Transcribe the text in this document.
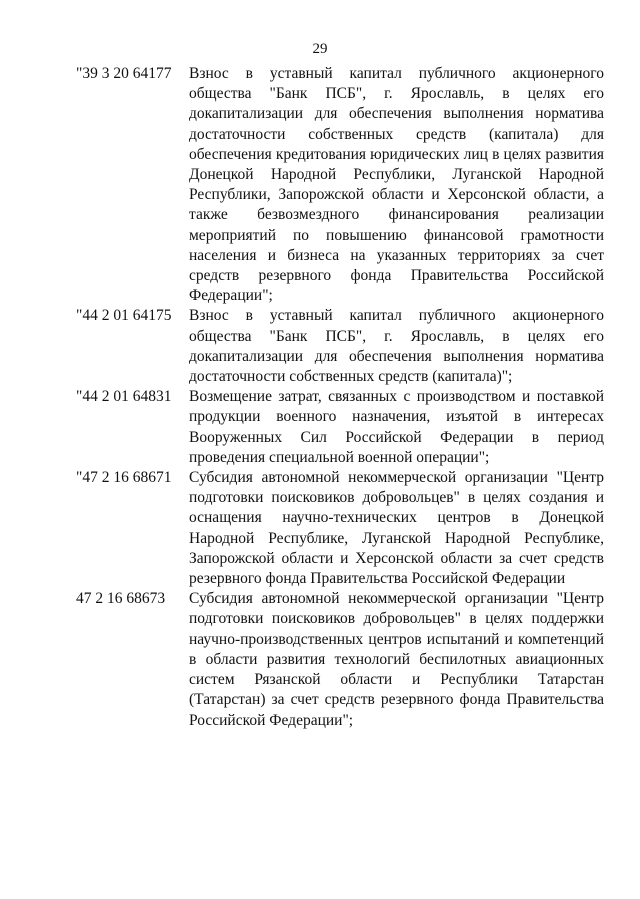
29
"39 3 20 64177	Взнос в уставный капитал публичного акционерного общества "Банк ПСБ", г. Ярославль, в целях его докапитализации для обеспечения выполнения норматива достаточности собственных средств (капитала) для обеспечения кредитования юридических лиц в целях развития Донецкой Народной Республики, Луганской Народной Республики, Запорожской области и Херсонской области, а также безвозмездного финансирования реализации мероприятий по повышению финансовой грамотности населения и бизнеса на указанных территориях за счет средств резервного фонда Правительства Российской Федерации";
"44 2 01 64175	Взнос в уставный капитал публичного акционерного общества "Банк ПСБ", г. Ярославль, в целях его докапитализации для обеспечения выполнения норматива достаточности собственных средств (капитала)";
"44 2 01 64831	Возмещение затрат, связанных с производством и поставкой продукции военного назначения, изъятой в интересах Вооруженных Сил Российской Федерации в период проведения специальной военной операции";
"47 2 16 68671	Субсидия автономной некоммерческой организации "Центр подготовки поисковиков добровольцев" в целях создания и оснащения научно-технических центров в Донецкой Народной Республике, Луганской Народной Республике, Запорожской области и Херсонской области за счет средств резервного фонда Правительства Российской Федерации
47 2 16 68673	Субсидия автономной некоммерческой организации "Центр подготовки поисковиков добровольцев" в целях поддержки научно-производственных центров испытаний и компетенций в области развития технологий беспилотных авиационных систем Рязанской области и Республики Татарстан (Татарстан) за счет средств резервного фонда Правительства Российской Федерации";
